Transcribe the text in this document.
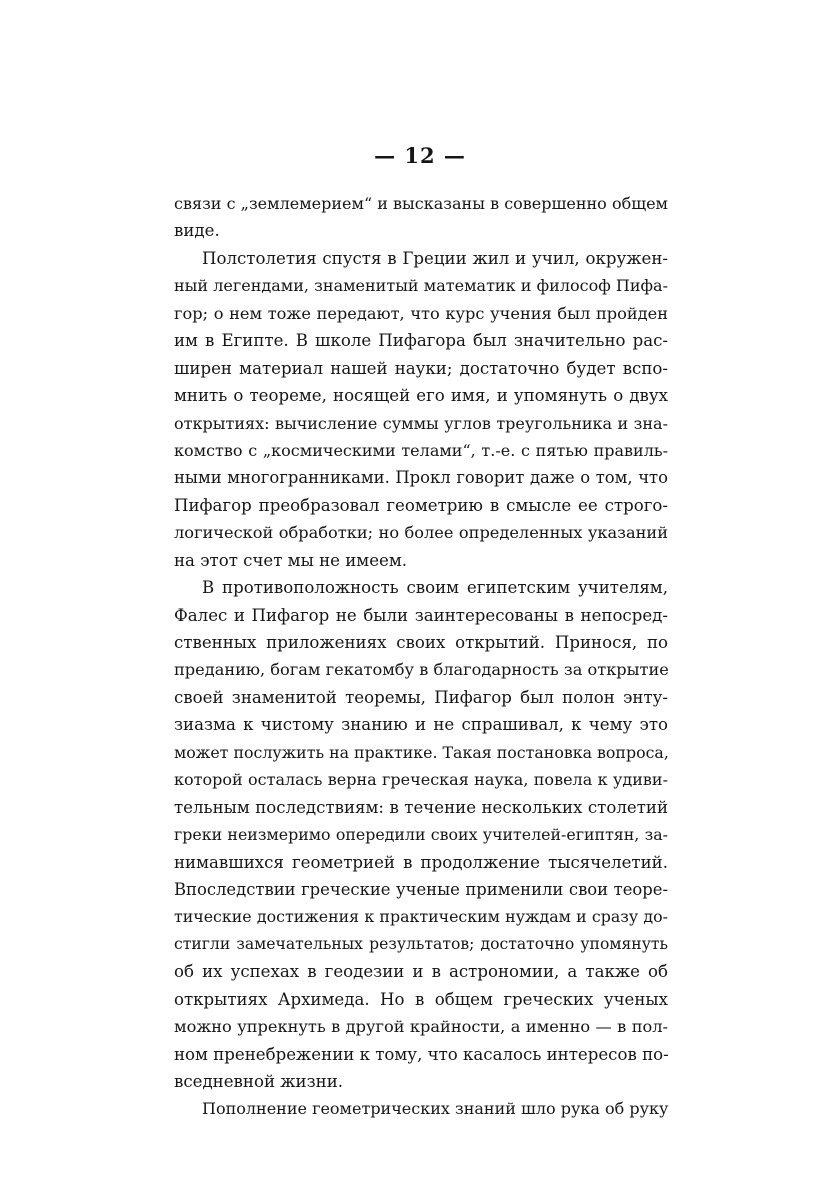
— 12 —

связи с „землемерием“ и высказаны в совершенно общем
виде.
Полстолетия спустя в Греции жил и учил, окружен-
ный легендами, знаменитый математик и философ Пифа-
гор; о нем тоже передают, что курс учения был пройден
им в Египте. В школе Пифагора был значительно рас-
ширен материал нашей науки; достаточно будет вспо-
мнить о теореме, носящей его имя, и упомянуть о двух
открытиях: вычисление суммы углов треугольника и зна-
комство с „космическими телами“, т.-е. с пятью правиль-
ными многогранниками. Прокл говорит даже о том, что
Пифагор преобразовал геометрию в смысле ее строго-
логической обработки; но более определенных указаний
на этот счет мы не имеем.
В противоположность своим египетским учителям,
Фалес и Пифагор не были заинтересованы в непосред-
ственных приложениях своих открытий. Принося, по
преданию, богам гекатомбу в благодарность за открытие
своей знаменитой теоремы, Пифагор был полон энту-
зиазма к чистому знанию и не спрашивал, к чему это
может послужить на практике. Такая постановка вопроса,
которой осталась верна греческая наука, повела к удиви-
тельным последствиям: в течение нескольких столетий
греки неизмеримо опередили своих учителей-египтян, за-
нимавшихся геометрией в продолжение тысячелетий.
Впоследствии греческие ученые применили свои теоре-
тические достижения к практическим нуждам и сразу до-
стигли замечательных результатов; достаточно упомянуть
об их успехах в геодезии и в астрономии, а также об
открытиях Архимеда. Но в общем греческих ученых
можно упрекнуть в другой крайности, а именно — в пол-
ном пренебрежении к тому, что касалось интересов по-
вседневной жизни.
Пополнение геометрических знаний шло рука об руку
